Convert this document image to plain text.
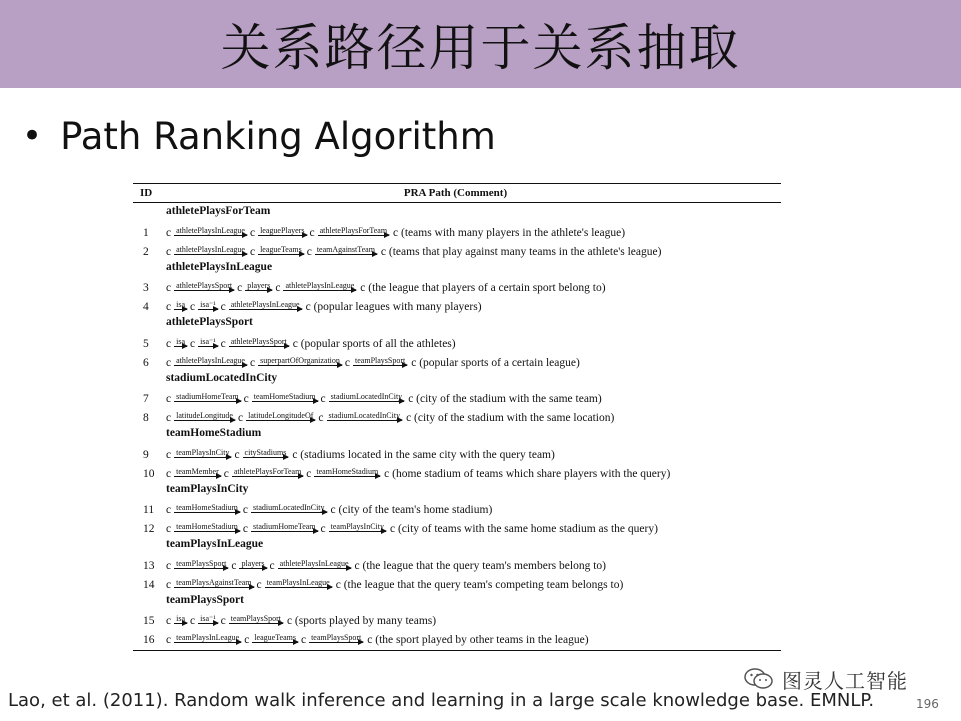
关系路径用于关系抽取
• Path Ranking Algorithm
ID	PRA Path (Comment)
athletePlaysForTeam
1	c athletePlaysInLeague c leaguePlayers c athletePlaysForTeam c (teams with many players in the athlete's league)
2	c athletePlaysInLeague c leagueTeams c teamAgainstTeam c (teams that play against many teams in the athlete's league)
athletePlaysInLeague
3	c athletePlaysSport c players c athletePlaysInLeague c (the league that players of a certain sport belong to)
4	c isa c isa⁻¹ c athletePlaysInLeague c (popular leagues with many players)
athletePlaysSport
5	c isa c isa⁻¹ c athletePlaysSport c (popular sports of all the athletes)
6	c athletePlaysInLeague c superpartOfOrganization c teamPlaysSport c (popular sports of a certain league)
stadiumLocatedInCity
7	c stadiumHomeTeam c teamHomeStadium c stadiumLocatedInCity c (city of the stadium with the same team)
8	c latitudeLongitude c latitudeLongitudeOf c stadiumLocatedInCity c (city of the stadium with the same location)
teamHomeStadium
9	c teamPlaysInCity c cityStadiums c (stadiums located in the same city with the query team)
10	c teamMember c athletePlaysForTeam c teamHomeStadium c (home stadium of teams which share players with the query)
teamPlaysInCity
11	c teamHomeStadium c stadiumLocatedInCity c (city of the team's home stadium)
12	c teamHomeStadium c stadiumHomeTeam c teamPlaysInCity c (city of teams with the same home stadium as the query)
teamPlaysInLeague
13	c teamPlaysSport c players c athletePlaysInLeague c (the league that the query team's members belong to)
14	c teamPlaysAgainstTeam c teamPlaysInLeague c (the league that the query team's competing team belongs to)
teamPlaysSport
15	c isa c isa⁻¹ c teamPlaysSport c (sports played by many teams)
16	c teamPlaysInLeague c leagueTeams c teamPlaysSport c (the sport played by other teams in the league)
图灵人工智能
Lao, et al. (2011). Random walk inference and learning in a large scale knowledge base. EMNLP.	196
